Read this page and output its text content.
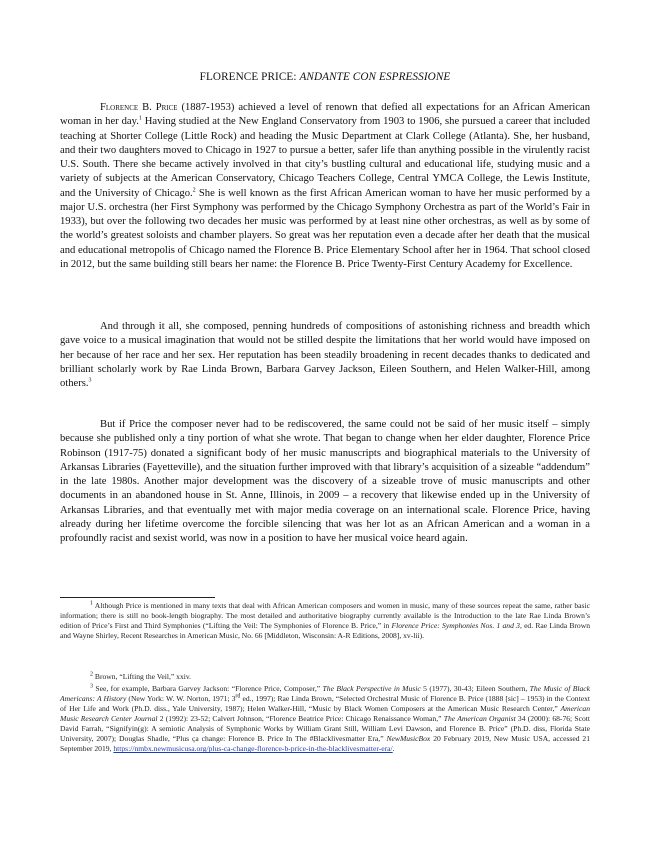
FLORENCE PRICE: ANDANTE CON ESPRESSIONE

Florence B. Price (1887-1953) achieved a level of renown that defied all expectations for an African American woman in her day.$^1$ Having studied at the New England Conservatory from 1903 to 1906, she pursued a career that included teaching at Shorter College (Little Rock) and heading the Music Department at Clark College (Atlanta). She, her husband, and their two daughters moved to Chicago in 1927 to pursue a better, safer life than anything possible in the virulently racist U.S. South. There she became actively involved in that city’s bustling cultural and educational life, studying music and a variety of subjects at the American Conservatory, Chicago Teachers College, Central YMCA College, the Lewis Institute, and the University of Chicago.$^2$ She is well known as the first African American woman to have her music performed by a major U.S. orchestra (her First Symphony was performed by the Chicago Symphony Orchestra as part of the World’s Fair in 1933), but over the following two decades her music was performed by at least nine other orchestras, as well as by some of the world’s greatest soloists and chamber players. So great was her reputation even a decade after her death that the musical and educational metropolis of Chicago named the Florence B. Price Elementary School after her in 1964. That school closed in 2012, but the same building still bears her name: the Florence B. Price Twenty-First Century Academy for Excellence.

And through it all, she composed, penning hundreds of compositions of astonishing richness and breadth which gave voice to a musical imagination that would not be stilled despite the limitations that her world would have imposed on her because of her race and her sex. Her reputation has been steadily broadening in recent decades thanks to dedicated and brilliant scholarly work by Rae Linda Brown, Barbara Garvey Jackson, Eileen Southern, and Helen Walker-Hill, among others.$^3$

But if Price the composer never had to be rediscovered, the same could not be said of her music itself – simply because she published only a tiny portion of what she wrote. That began to change when her elder daughter, Florence Price Robinson (1917-75) donated a significant body of her music manuscripts and biographical materials to the University of Arkansas Libraries (Fayetteville), and the situation further improved with that library’s acquisition of a sizeable “addendum” in the late 1980s. Another major development was the discovery of a sizeable trove of music manuscripts and other documents in an abandoned house in St. Anne, Illinois, in 2009 – a recovery that likewise ended up in the University of Arkansas Libraries, and that eventually met with major media coverage on an international scale. Florence Price, having already during her lifetime overcome the forcible silencing that was her lot as an African American and a woman in a profoundly racist and sexist world, was now in a position to have her musical voice heard again.

$^1$ Although Price is mentioned in many texts that deal with African American composers and women in music, many of these sources repeat the same, rather basic information; there is still no book-length biography. The most detailed and authoritative biography currently available is the Introduction to the late Rae Linda Brown’s edition of Price’s First and Third Symphonies (“Lifting the Veil: The Symphonies of Florence B. Price,” in Florence Price: Symphonies Nos. 1 and 3, ed. Rae Linda Brown and Wayne Shirley, Recent Researches in American Music, No. 66 [Middleton, Wisconsin: A-R Editions, 2008], xv-lii).

$^2$ Brown, “Lifting the Veil,” xxiv.

$^3$ See, for example, Barbara Garvey Jackson: “Florence Price, Composer,” The Black Perspective in Music 5 (1977), 30-43; Eileen Southern, The Music of Black Americans: A History (New York: W. W. Norton, 1971; 3rd ed., 1997); Rae Linda Brown, “Selected Orchestral Music of Florence B. Price (1888 [sic] – 1953) in the Context of Her Life and Work (Ph.D. diss., Yale University, 1987); Helen Walker-Hill, “Music by Black Women Composers at the American Music Research Center,” American Music Research Center Journal 2 (1992): 23-52; Calvert Johnson, “Florence Beatrice Price: Chicago Renaissance Woman,” The American Organist 34 (2000): 68-76; Scott David Farrah, “Signifyin(g): A semiotic Analysis of Symphonic Works by William Grant Still, William Levi Dawson, and Florence B. Price” (Ph.D. diss, Florida State University, 2007); Douglas Shadle, “Plus ça change: Florence B. Price In The #Blacklivesmatter Era,” NewMusicBox 20 February 2019, New Music USA, accessed 21 September 2019, https://nmbx.newmusicusa.org/plus-ca-change-florence-b-price-in-the-blacklivesmatter-era/.
